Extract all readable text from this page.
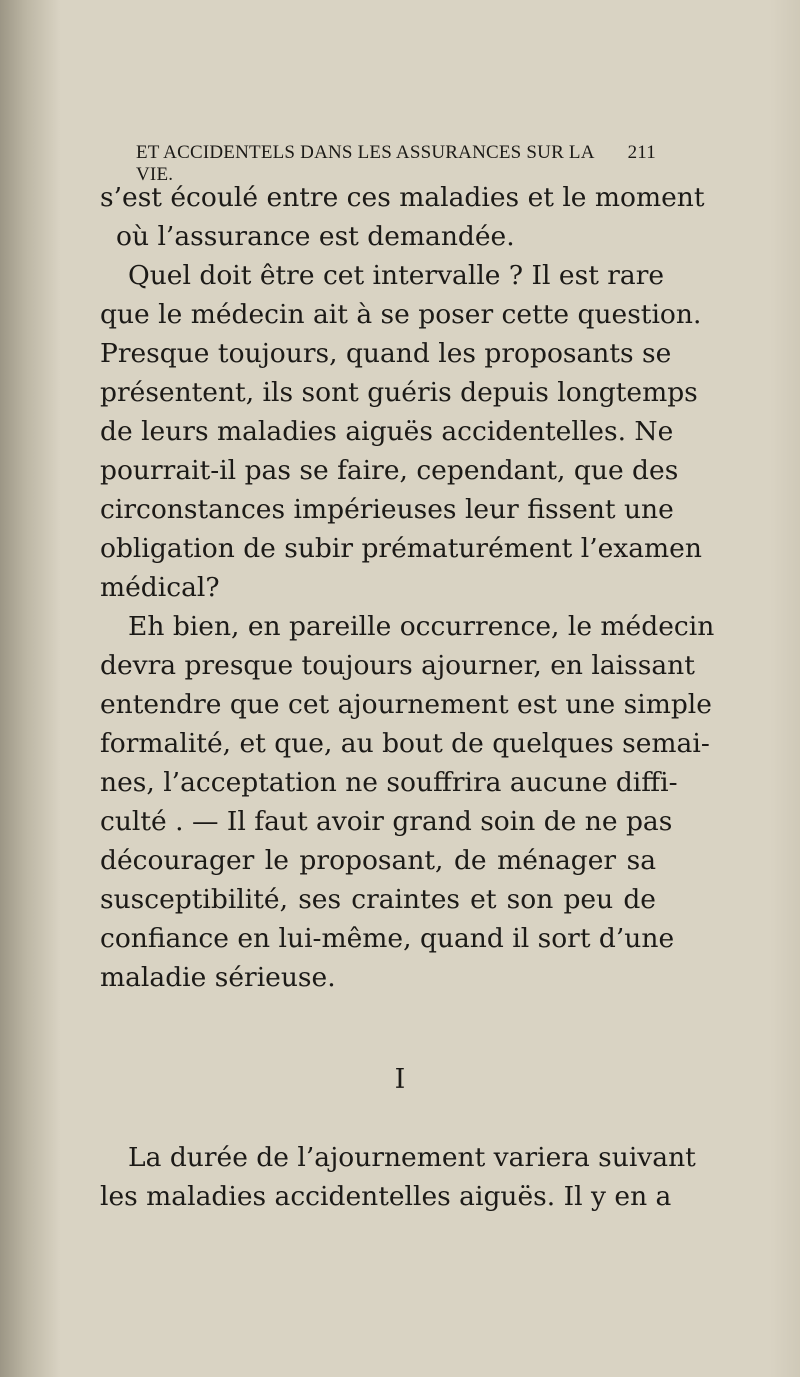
ET ACCIDENTELS DANS LES ASSURANCES SUR LA VIE.
211
s’est écoulé entre ces maladies et le moment
où l’assurance est demandée.
Quel doit être cet intervalle ? Il est rare
que le médecin ait à se poser cette question.
Presque toujours, quand les proposants se
présentent, ils sont guéris depuis longtemps
de leurs maladies aiguës accidentelles. Ne
pourrait-il pas se faire, cependant, que des
circonstances impérieuses leur fissent une
obligation de subir prématurément l’examen
médical?
Eh bien, en pareille occurrence, le médecin
devra presque toujours ajourner, en laissant
entendre que cet ajournement est une simple
formalité, et que, au bout de quelques semai-
nes, l’acceptation ne souffrira aucune diffi-
culté . — Il faut avoir grand soin de ne pas
décourager le proposant, de ménager sa
susceptibilité, ses craintes et son peu de
confiance en lui-même, quand il sort d’une
maladie sérieuse.
I
La durée de l’ajournement variera suivant
les maladies accidentelles aiguës. Il y en a
